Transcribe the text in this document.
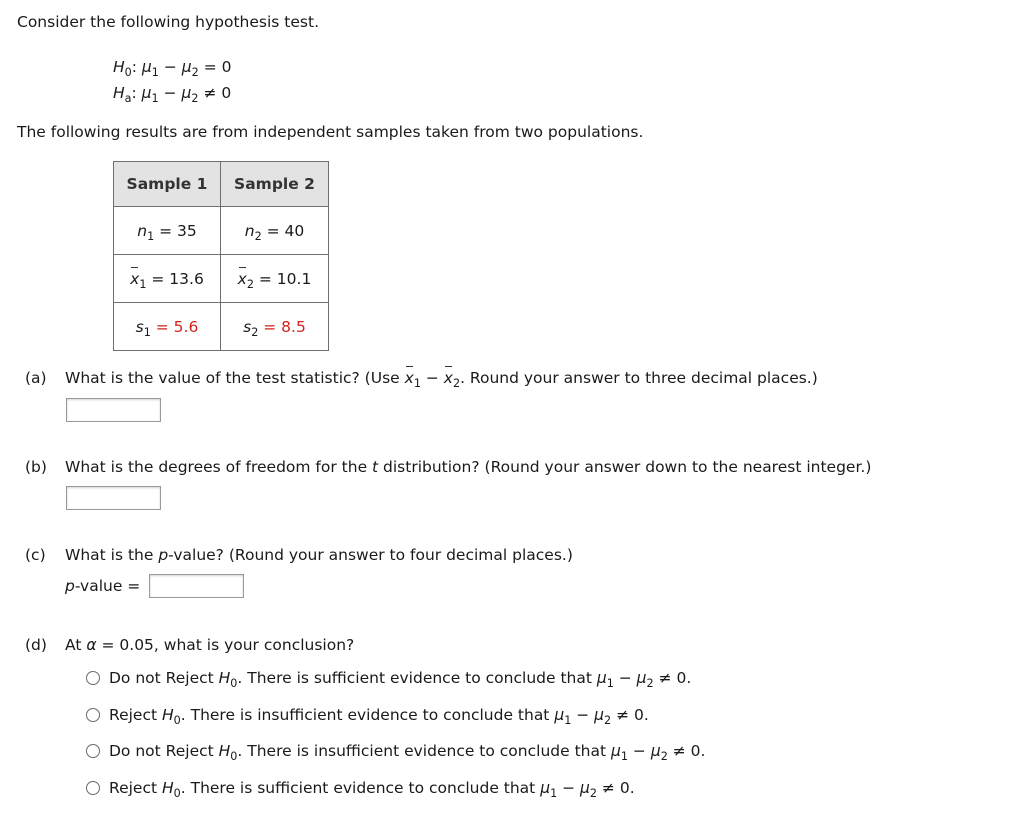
Consider the following hypothesis test.
$H_0$: $\mu_1 - \mu_2 = 0$
$H_a$: $\mu_1 - \mu_2 \ne 0$
The following results are from independent samples taken from two populations.
Sample 1	Sample 2
$n_1 = 35$	$n_2 = 40$
$x_1 = 13.6$	$x_2 = 10.1$
$s_1 = 5.6$	$s_2 = 8.5$
(a) What is the value of the test statistic? (Use $x_1 - x_2$. Round your answer to three decimal places.)
(b) What is the degrees of freedom for the t distribution? (Round your answer down to the nearest integer.)
(c) What is the p-value? (Round your answer to four decimal places.)
p-value =
(d) At α = 0.05, what is your conclusion?
Do not Reject $H_0$. There is sufficient evidence to conclude that $\mu_1 - \mu_2 \ne 0$.
Reject $H_0$. There is insufficient evidence to conclude that $\mu_1 - \mu_2 \ne 0$.
Do not Reject $H_0$. There is insufficient evidence to conclude that $\mu_1 - \mu_2 \ne 0$.
Reject $H_0$. There is sufficient evidence to conclude that $\mu_1 - \mu_2 \ne 0$.
